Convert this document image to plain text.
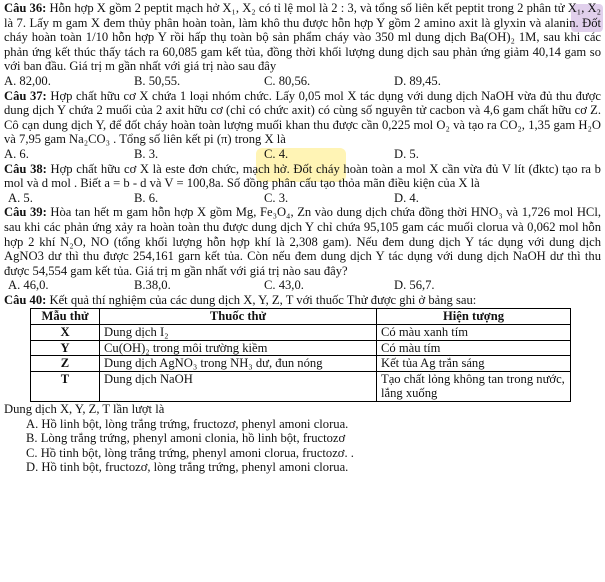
Câu 36: Hỗn hợp X gồm 2 peptit mạch hở X₁, X₂ có tỉ lệ mol là 2 : 3, và tổng số liên kết peptit trong 2 phân tử X₁, X₂ là 7. Lấy m gam X đem thủy phân hoàn toàn, làm khô thu được hỗn hợp Y gồm 2 amino axit là glyxin và alanin. Đốt cháy hoàn toàn 1/10 hỗn hợp Y rồi hấp thụ toàn bộ sản phẩm cháy vào 350 ml dung dịch Ba(OH)₂ 1M, sau khi các phản ứng kết thúc thấy tách ra 60,085 gam kết tủa, đồng thời khối lượng dung dịch sau phản ứng giảm 40,14 gam so với ban đầu. Giá trị m gần nhất với giá trị nào sau đây

A. 82,00.	B. 50,55.	C. 80,56.	D. 89,45.

Câu 37: Hợp chất hữu cơ X chứa 1 loại nhóm chức. Lấy 0,05 mol X tác dụng với dung dịch NaOH vừa đủ thu được dung dịch Y chứa 2 muối của 2 axit hữu cơ (chỉ có chức axit) có cùng số nguyên tử cacbon và 4,6 gam chất hữu cơ Z. Cô cạn dung dịch Y, để đốt cháy hoàn toàn lượng muối khan thu được cần 0,225 mol O₂ và tạo ra CO₂, 1,35 gam H₂O và 7,95 gam Na₂CO₃ . Tổng số liên kết pi (π) trong X là

A. 6.	B. 3.	C. 4.	D. 5.

Câu 38: Hợp chất hữu cơ X là este đơn chức, mạch hở. Đốt cháy hoàn toàn a mol X cần vừa đủ V lít (đktc) tạo ra b mol và d mol . Biết a = b - d và V = 100,8a. Số đồng phân cấu tạo thỏa mãn điều kiện của X là

A. 5.	B. 6.	C. 3.	D. 4.

Câu 39: Hòa tan hết m gam hỗn hợp X gồm Mg, Fe₃O₄, Zn vào dung dịch chứa đồng thời HNO₃ và 1,726 mol HCl, sau khi các phản ứng xảy ra hoàn toàn thu được dung dịch Y chỉ chứa 95,105 gam các muối clorua và 0,062 mol hỗn hợp 2 khí N₂O, NO (tổng khối lượng hỗn hợp khí là 2,308 gam). Nếu đem dung dịch Y tác dụng với dung dịch AgNO3 dư thì thu được 254,161 garn kết tủa. Còn nếu đem dung dịch Y tác dụng với dung dịch NaOH dư thì thu được 54,554 gam kết tủa. Giá trị m gần nhất với giá trị nào sau đây?

A. 46,0.	B.38,0.	C. 43,0.	D. 56,7.

Câu 40: Kết quả thí nghiệm của các dung dịch X, Y, Z, T với thuốc Thử được ghi ở bảng sau:

Mẫu thử	Thuốc thử	Hiện tượng
X	Dung dịch I₂	Có màu xanh tím
Y	Cu(OH)₂ trong môi trường kiềm	Có màu tím
Z	Dung dịch AgNO₃ trong NH₃ dư, đun nóng	Kết tủa Ag trắn sáng
T	Dung dịch NaOH	Tạo chất lỏng không tan trong nước, lắng xuống

Dung dịch X, Y, Z, T lần lượt là

A. Hồ linh bột, lòng trắng trứng, fructozơ, phenyl amoni clorua.

B. Lòng trắng trứng, phenyl amoni clonia, hồ linh bột, fructozơ

C. Hồ tinh bột, lòng trắng trứng, phenyl amoni clorua, fructozơ. .

D. Hồ tinh bột, fructozơ, lòng trắng trứng, phenyl amoni clorua.
